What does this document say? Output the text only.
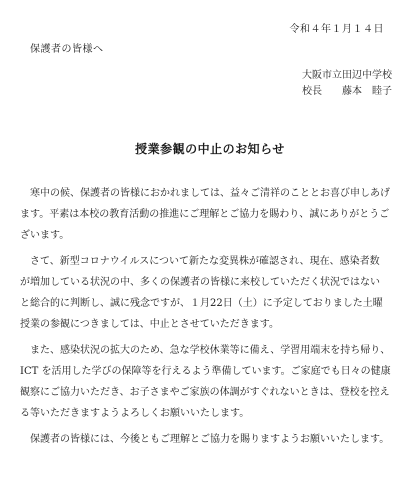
令和４年１月１４日
保護者の皆様へ
大阪市立田辺中学校
校長　　藤本　睦子
授業参観の中止のお知らせ

寒中の候、保護者の皆様におかれましては、益々ご清祥のこととお喜び申しあげ
ます。平素は本校の教育活動の推進にご理解とご協力を賜わり、誠にありがとうご
ざいます。

さて、新型コロナウイルスについて新たな変異株が確認され、現在、感染者数
が増加している状況の中、多くの保護者の皆様に来校していただく状況ではない
と総合的に判断し、誠に残念ですが、１月22日（土）に予定しておりました土曜
授業の参観につきましては、中止とさせていただきます。

また、感染状況の拡大のため、急な学校休業等に備え、学習用端末を持ち帰り、
ICT を活用した学びの保障等を行えるよう準備しています。ご家庭でも日々の健康
観察にご協力いただき、お子さまやご家族の体調がすぐれないときは、登校を控え
る等いただきますようよろしくお願いいたします。

保護者の皆様には、今後ともご理解とご協力を賜りますようお願いいたします。
